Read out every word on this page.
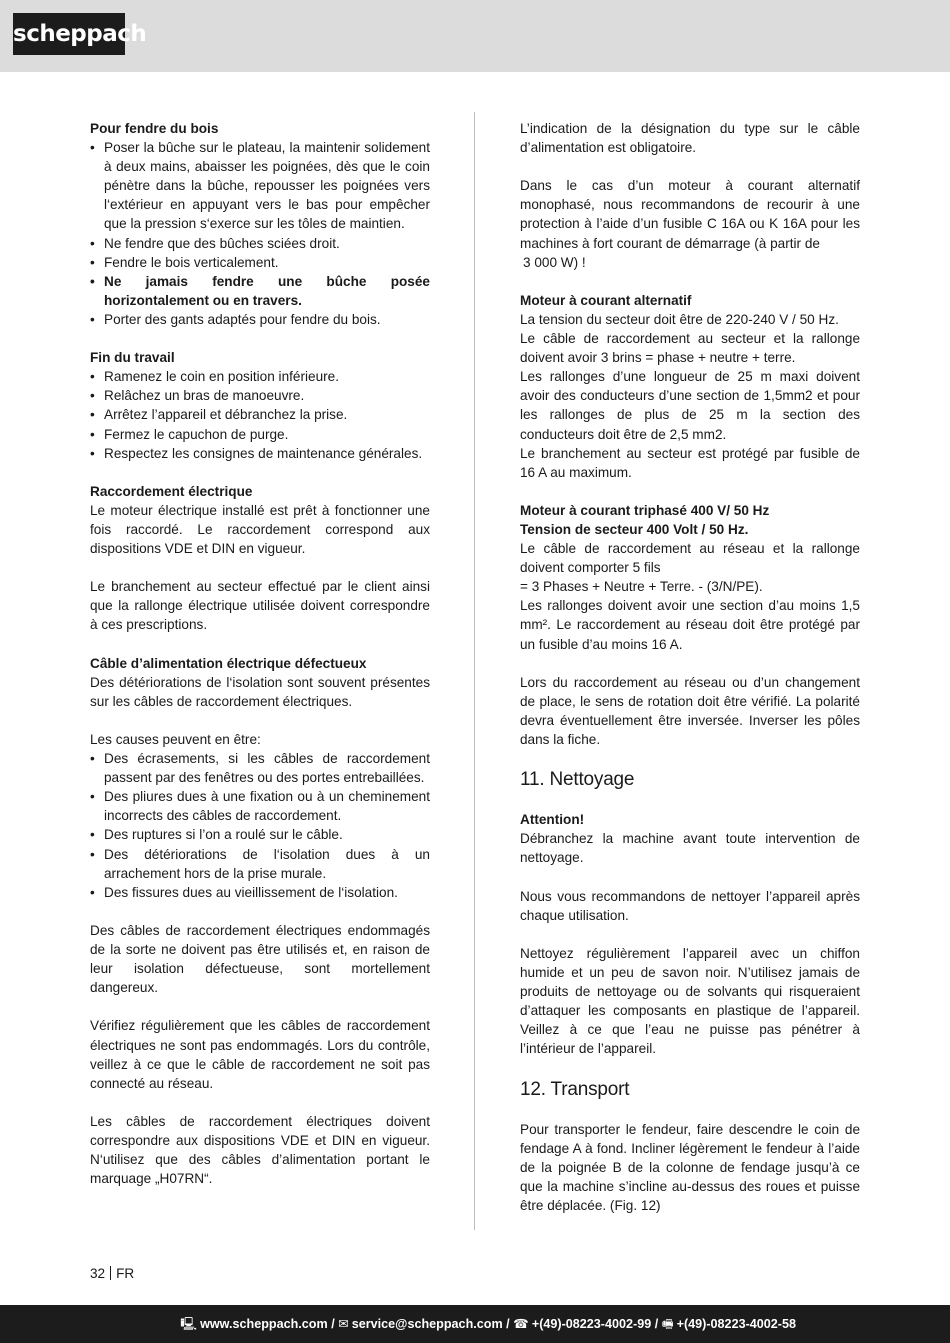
scheppach
Pour fendre du bois
• Poser la bûche sur le plateau, la maintenir solidement à deux mains, abaisser les poignées, dès que le coin pénètre dans la bûche, repousser les poignées vers l‘extérieur en appuyant vers le bas pour empêcher que la pression s‘exerce sur les tôles de maintien.
• Ne fendre que des bûches sciées droit.
• Fendre le bois verticalement.
• Ne jamais fendre une bûche posée horizontalement ou en travers.
• Porter des gants adaptés pour fendre du bois.
Fin du travail
• Ramenez le coin en position inférieure.
• Relâchez un bras de manoeuvre.
• Arrêtez l’appareil et débranchez la prise.
• Fermez le capuchon de purge.
• Respectez les consignes de maintenance générales.
Raccordement électrique

Le moteur électrique installé est prêt à fonctionner une fois raccordé. Le raccordement correspond aux dispositions VDE et DIN en vigueur.

Le branchement au secteur effectué par le client ainsi que la rallonge électrique utilisée doivent correspondre à ces prescriptions.

Câble d’alimentation électrique défectueux

Des détériorations de l‘isolation sont souvent présentes sur les câbles de raccordement électriques.

Les causes peuvent en être:

• Des écrasements, si les câbles de raccordement passent par des fenêtres ou des portes entrebaillées.
• Des pliures dues à une fixation ou à un cheminement incorrects des câbles de raccordement.
• Des ruptures si l’on a roulé sur le câble.
• Des détériorations de l‘isolation dues à un arrachement hors de la prise murale.
• Des fissures dues au vieillissement de l‘isolation.

Des câbles de raccordement électriques endommagés de la sorte ne doivent pas être utilisés et, en raison de leur isolation défectueuse, sont mortellement dangereux.

Vérifiez régulièrement que les câbles de raccordement électriques ne sont pas endommagés. Lors du contrôle, veillez à ce que le câble de raccordement ne soit pas connecté au réseau.

Les câbles de raccordement électriques doivent correspondre aux dispositions VDE et DIN en vigueur. N‘utilisez que des câbles d’alimentation portant le marquage „H07RN“.

L’indication de la désignation du type sur le câble d’alimentation est obligatoire.

Dans le cas d’un moteur à courant alternatif monophasé, nous recommandons de recourir à une protection à l’aide d’un fusible C 16A ou K 16A pour les machines à fort courant de démarrage (à partir de

3 000 W) !

Moteur à courant alternatif

La tension du secteur doit être de 220-240 V / 50 Hz.

Le câble de raccordement au secteur et la rallonge doivent avoir 3 brins = phase + neutre + terre.

Les rallonges d’une longueur de 25 m maxi doivent avoir des conducteurs d’une section de 1,5mm2 et pour les rallonges de plus de 25 m la section des conducteurs doit être de 2,5 mm2.

Le branchement au secteur est protégé par fusible de 16 A au maximum.

Moteur à courant triphasé 400 V/ 50 Hz
Tension de secteur 400 Volt / 50 Hz.

Le câble de raccordement au réseau et la rallonge doivent comporter 5 fils

= 3 Phases + Neutre + Terre. - (3/N/PE).

Les rallonges doivent avoir une section d’au moins 1,5 mm². Le raccordement au réseau doit être protégé par un fusible d’au moins 16 A.

Lors du raccordement au réseau ou d’un changement de place, le sens de rotation doit être vérifié. La polarité devra éventuellement être inversée. Inverser les pôles dans la fiche.

11. Nettoyage
Attention!

Débranchez la machine avant toute intervention de nettoyage.

Nous vous recommandons de nettoyer l’appareil après chaque utilisation.

Nettoyez régulièrement l’appareil avec un chiffon humide et un peu de savon noir. N’utilisez jamais de produits de nettoyage ou de solvants qui risqueraient d’attaquer les composants en plastique de l’appareil. Veillez à ce que l’eau ne puisse pas pénétrer à l’intérieur de l’appareil.

12. Transport

Pour transporter le fendeur, faire descendre le coin de fendage A à fond. Incliner légèrement le fendeur à l’aide de la poignée B de la colonne de fendage jusqu’à ce que la machine s’incline au-dessus des roues et puisse être déplacée. (Fig. 12)

32 FR
🖳 www.scheppach.com / ✉ service@scheppach.com / ☎ +(49)-08223-4002-99 / 🖷 +(49)-08223-4002-58
